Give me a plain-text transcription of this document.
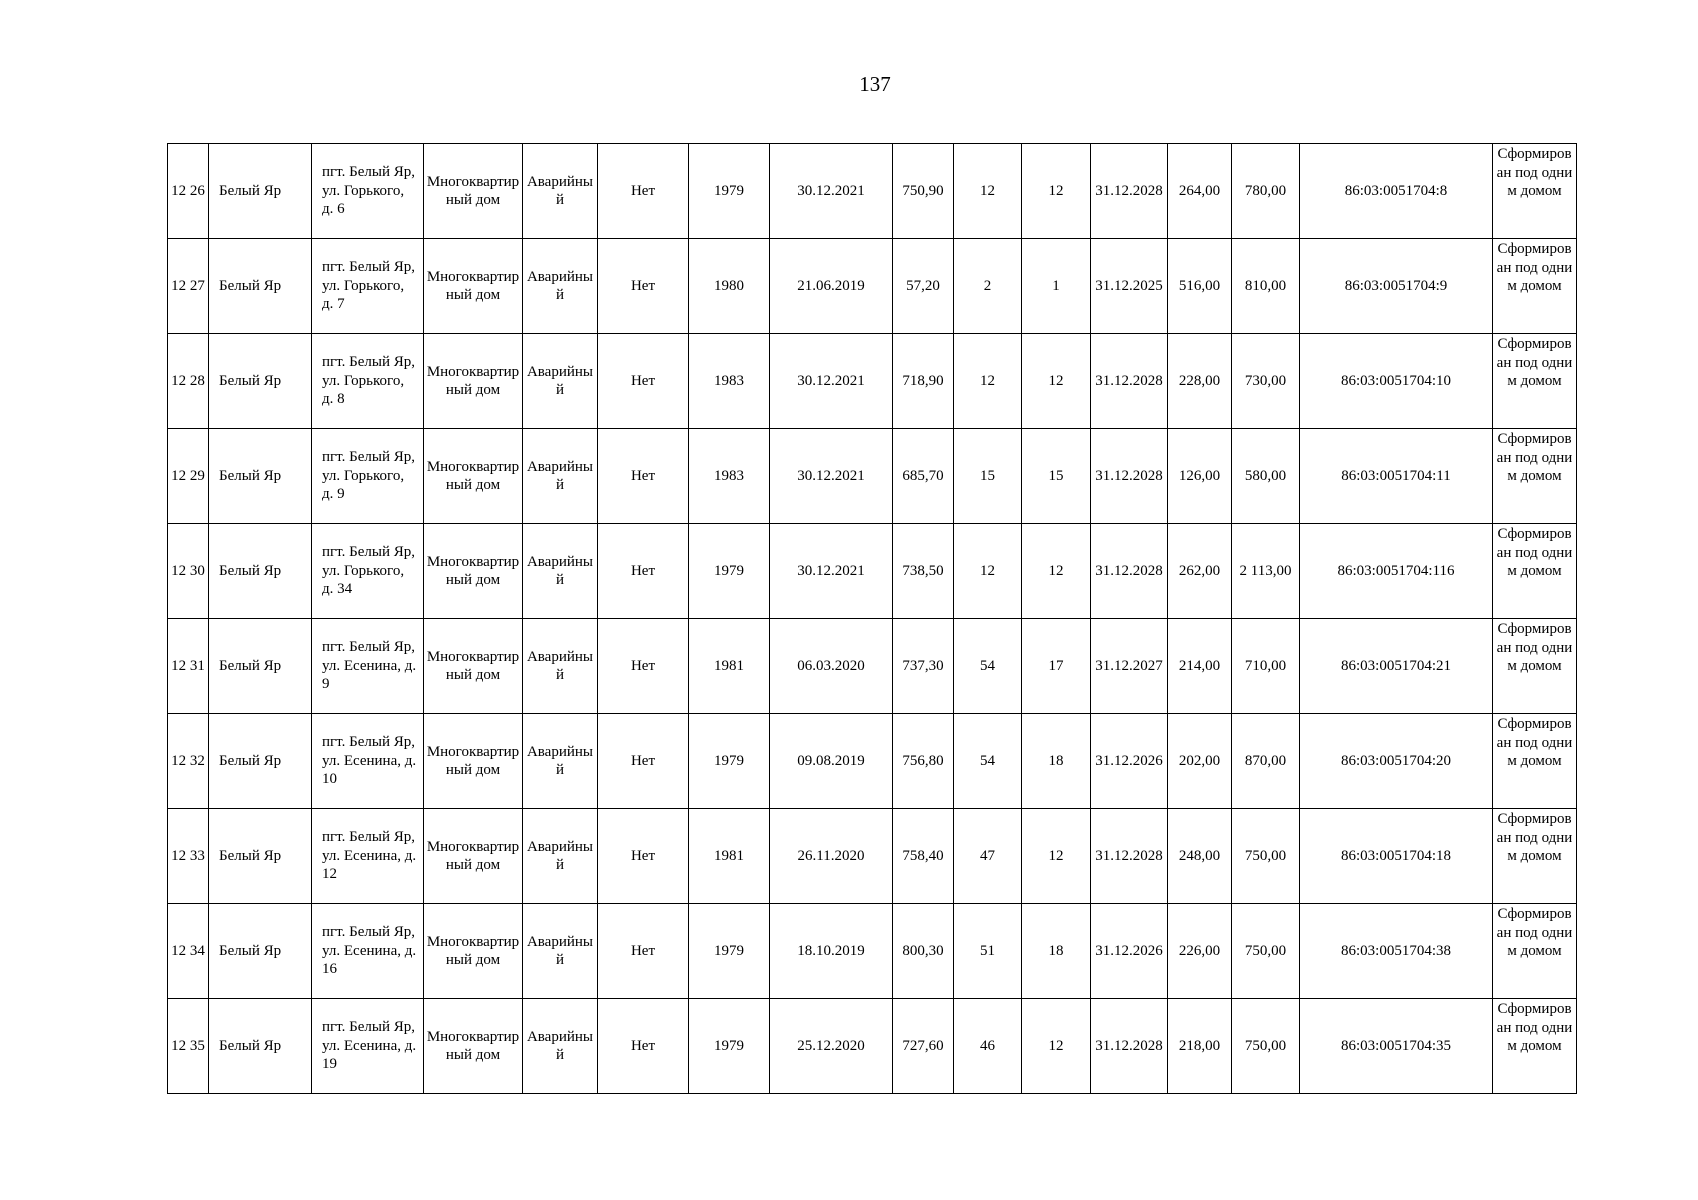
137
12 26	Белый Яр	пгт. Белый Яр, ул. Горького, д. 6	Многоквартирный дом	Аварийный	Нет	1979	30.12.2021	750,90	12	12	31.12.2028	264,00	780,00	86:03:0051704:8	Сформирован под одним домом

12 27	Белый Яр	пгт. Белый Яр, ул. Горького, д. 7	Многоквартирный дом	Аварийный	Нет	1980	21.06.2019	57,20	2	1	31.12.2025	516,00	810,00	86:03:0051704:9	Сформирован под одним домом

12 28	Белый Яр	пгт. Белый Яр, ул. Горького, д. 8	Многоквартирный дом	Аварийный	Нет	1983	30.12.2021	718,90	12	12	31.12.2028	228,00	730,00	86:03:0051704:10	Сформирован под одним домом

12 29	Белый Яр	пгт. Белый Яр, ул. Горького, д. 9	Многоквартирный дом	Аварийный	Нет	1983	30.12.2021	685,70	15	15	31.12.2028	126,00	580,00	86:03:0051704:11	Сформирован под одним домом

12 30	Белый Яр	пгт. Белый Яр, ул. Горького, д. 34	Многоквартирный дом	Аварийный	Нет	1979	30.12.2021	738,50	12	12	31.12.2028	262,00	2 113,00	86:03:0051704:116	Сформирован под одним домом

12 31	Белый Яр	пгт. Белый Яр, ул. Есенина, д. 9	Многоквартирный дом	Аварийный	Нет	1981	06.03.2020	737,30	54	17	31.12.2027	214,00	710,00	86:03:0051704:21	Сформирован под одним домом

12 32	Белый Яр	пгт. Белый Яр, ул. Есенина, д. 10	Многоквартирный дом	Аварийный	Нет	1979	09.08.2019	756,80	54	18	31.12.2026	202,00	870,00	86:03:0051704:20	Сформирован под одним домом

12 33	Белый Яр	пгт. Белый Яр, ул. Есенина, д. 12	Многоквартирный дом	Аварийный	Нет	1981	26.11.2020	758,40	47	12	31.12.2028	248,00	750,00	86:03:0051704:18	Сформирован под одним домом

12 34	Белый Яр	пгт. Белый Яр, ул. Есенина, д. 16	Многоквартирный дом	Аварийный	Нет	1979	18.10.2019	800,30	51	18	31.12.2026	226,00	750,00	86:03:0051704:38	Сформирован под одним домом

12 35	Белый Яр	пгт. Белый Яр, ул. Есенина, д. 19	Многоквартирный дом	Аварийный	Нет	1979	25.12.2020	727,60	46	12	31.12.2028	218,00	750,00	86:03:0051704:35	Сформирован под одним домом
